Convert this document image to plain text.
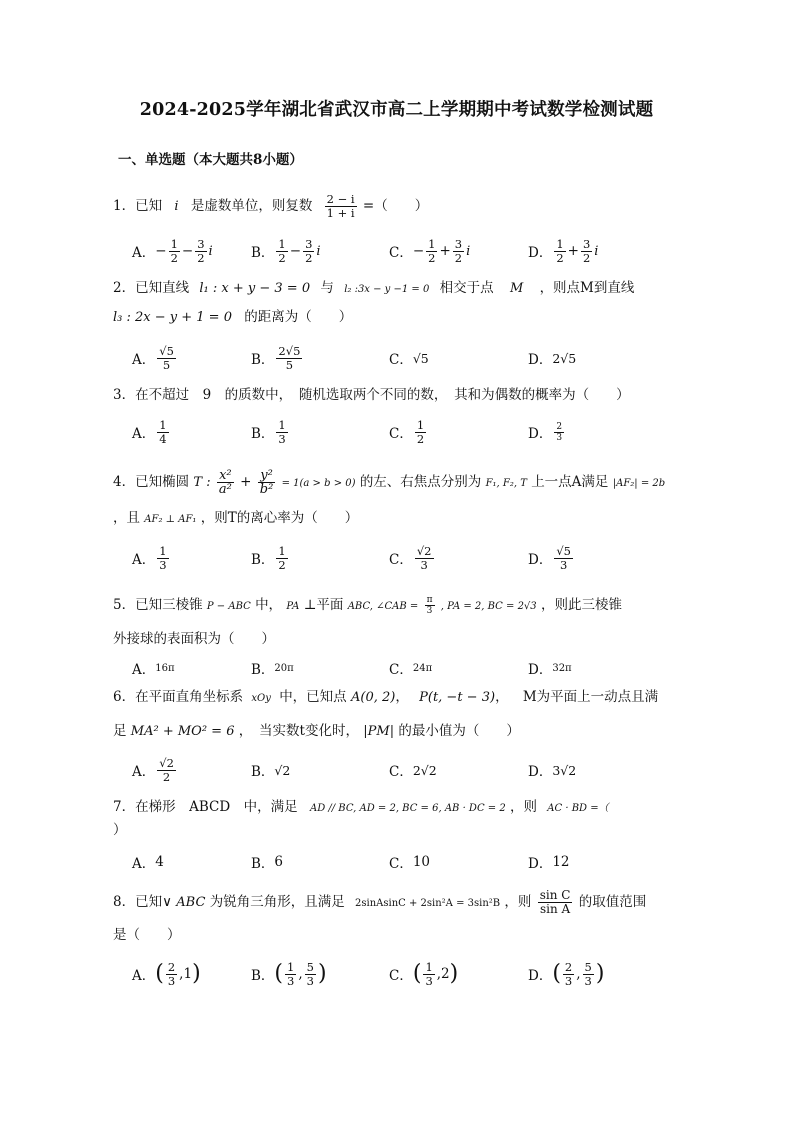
2024-2025学年湖北省武汉市高二上学期期中考试数学检测试题
一、单选题（本大题共8小题）
1．已知 i 是虚数单位，则复数 $\frac{2 - i}{1 + i}$ =（　　）
A． − $\frac{1}{2} - \frac{3}{2}$ i	B． $\frac{1}{2} - \frac{3}{2}$ i	C． − $\frac{1}{2} + \frac{3}{2}$ i	D． $\frac{1}{2} + \frac{3}{2}$ i
2．已知直线 l₁ : x + y − 3 = 0 与 l₂ :3x − y −1 = 0 相交于点 M ，则点M到直线
l₃ : 2x − y + 1 = 0 的距离为（　　）
A． $\frac{√5}{5}$	B． $\frac{2√5}{5}$	C． √5	D． 2√5
3．在不超过　9　的质数中，　随机选取两个不同的数，　其和为偶数的概率为（　　）
A． $\frac{1}{4}$	B． $\frac{1}{3}$	C． $\frac{1}{2}$	D． $\frac{2}{3}$
4．已知椭圆 T : $\frac{\text{x²}}{\text{a²}} + \frac{\text{y²}}{\text{b²}} = 1(a > b > 0)$ 的左、右焦点分别为 F₁, F₂, T 上一点A满足 |AF₂| = 2b
，且 AF₂ ⊥ AF₁ ，则T的离心率为（　　）
A． $\frac{1}{3}$	B． $\frac{1}{2}$	C． $\frac{√2}{3}$	D． $\frac{√5}{3}$
5．已知三棱锥 P − ABC 中， PA ⊥平面 ABC, ∠CAB = $\frac{\pi}{3}$ , PA = 2, BC = 2√3 ，则此三棱锥
外接球的表面积为（　　）
A． 16π	B． 20π	C． 24π	D． 32π
6．在平面直角坐标系 xOy 中，已知点 A(0, 2)， P(t, −t − 3)， M为平面上一动点且满
足 MA² + MO² = 6 ，　当实数t变化时， |PM| 的最小值为（　　）
A． $\frac{√2}{2}$	B． √2	C． 2√2	D． 3√2
7．在梯形　ABCD　中，满足 AD // BC, AD = 2, BC = 6, AB · DC = 2 ，则 AC · BD =（
）
A． 4	B． 6	C． 10	D． 12
8．已知∨ ABC 为锐角三角形，且满足 2sinAsinC + 2sin²A = 3sin²B ，则 $\frac{\text{sin C}}{\text{sin A}}$ 的取值范围
是（　　）
A． ( $\frac{2}{3} ,1$ )	B． ( $\frac{1}{3}$ , $\frac{5}{3}$ )	C． ( $\frac{1}{3} ,2$ )	D． ( $\frac{2}{3}$ , $\frac{5}{3}$ )
